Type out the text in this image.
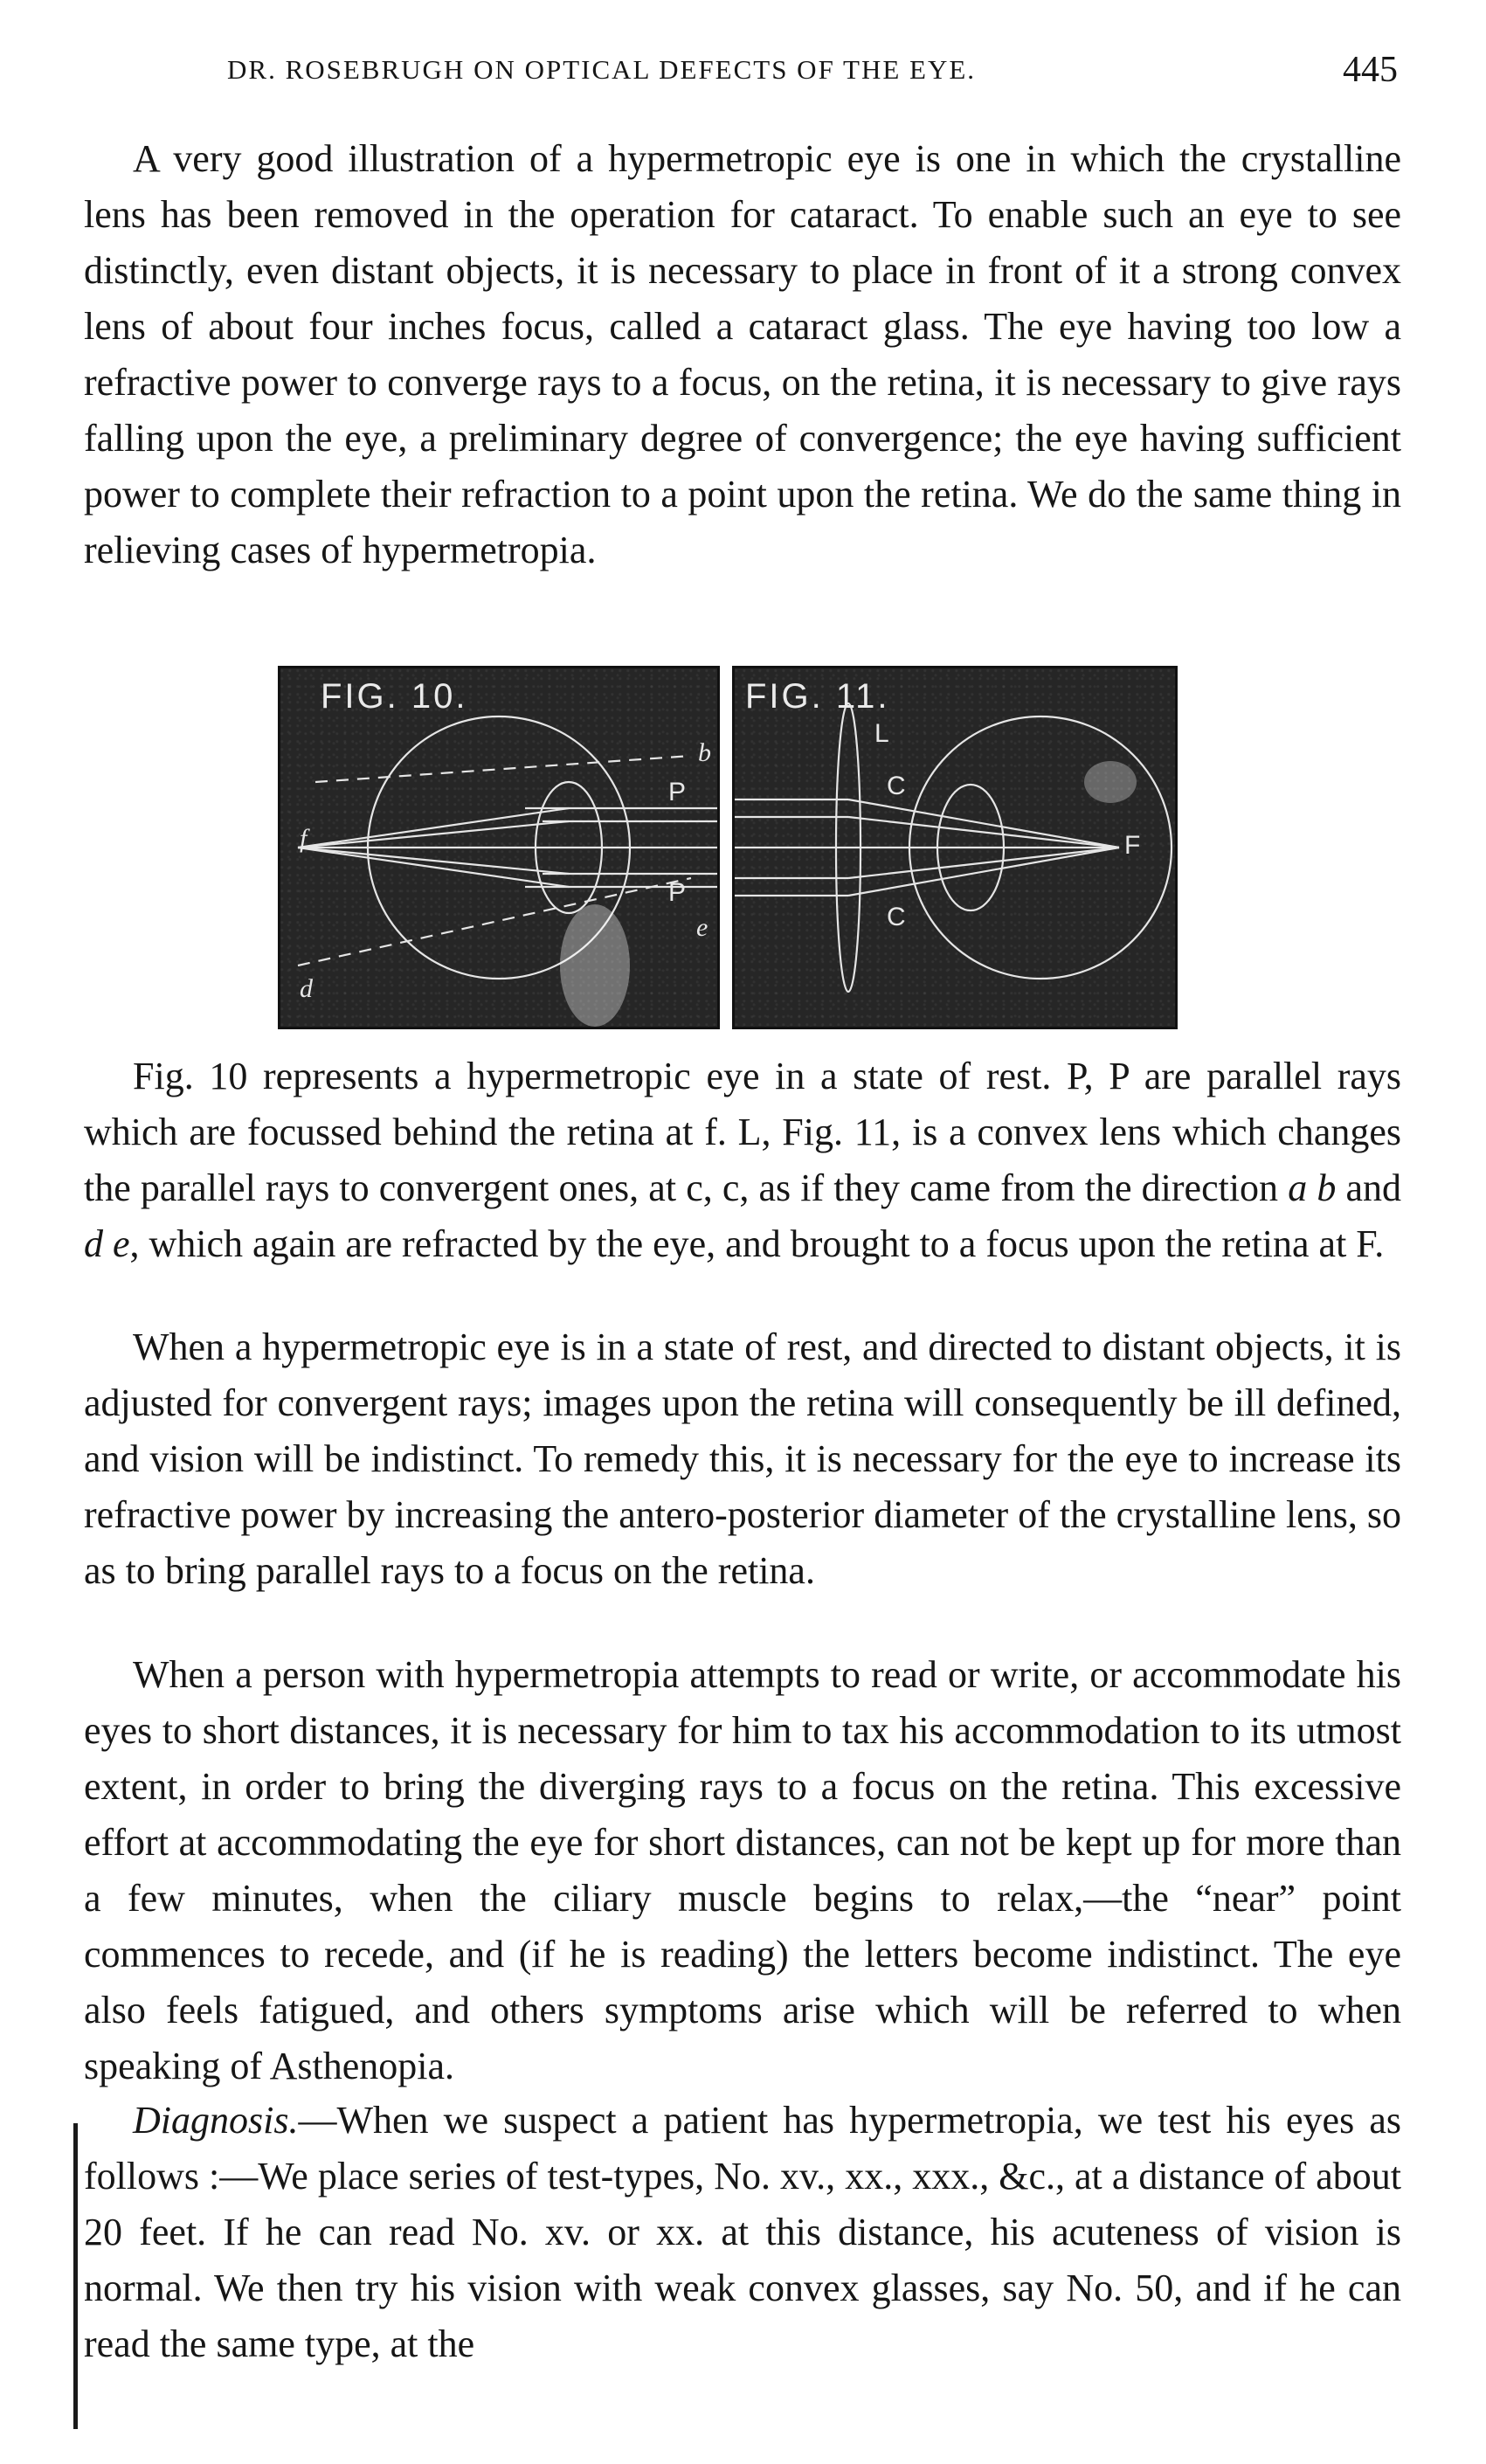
DR. ROSEBRUGH ON OPTICAL DEFECTS OF THE EYE.	445

A very good illustration of a hypermetropic eye is one in which the crystalline lens has been removed in the operation for cataract. To enable such an eye to see distinctly, even distant objects, it is necessary to place in front of it a strong convex lens of about four inches focus, called a cataract glass. The eye having too low a refractive power to converge rays to a focus, on the retina, it is necessary to give rays falling upon the eye, a preliminary degree of convergence; the eye having sufficient power to complete their refraction to a point upon the retina. We do the same thing in relieving cases of hypermetropia.

FIG. 10.
f
b
P
P
e
d
FIG. 11.
L
C
C
F

Fig. 10 represents a hypermetropic eye in a state of rest. P, P are parallel rays which are focussed behind the retina at f. L, Fig. 11, is a convex lens which changes the parallel rays to convergent ones, at c, c, as if they came from the direction a b and d e, which again are refracted by the eye, and brought to a focus upon the retina at F.

When a hypermetropic eye is in a state of rest, and directed to distant objects, it is adjusted for convergent rays; images upon the retina will consequently be ill defined, and vision will be indistinct. To remedy this, it is necessary for the eye to increase its refractive power by increasing the antero-posterior diameter of the crystalline lens, so as to bring parallel rays to a focus on the retina.

When a person with hypermetropia attempts to read or write, or accommodate his eyes to short distances, it is necessary for him to tax his accommodation to its utmost extent, in order to bring the diverging rays to a focus on the retina. This excessive effort at accommodating the eye for short distances, can not be kept up for more than a few minutes, when the ciliary muscle begins to relax,—the “near” point commences to recede, and (if he is reading) the letters become indistinct. The eye also feels fatigued, and others symptoms arise which will be referred to when speaking of Asthenopia.

Diagnosis.—When we suspect a patient has hypermetropia, we test his eyes as follows :—We place series of test-types, No. xv., xx., xxx., &c., at a distance of about 20 feet. If he can read No. xv. or xx. at this distance, his acuteness of vision is normal. We then try his vision with weak convex glasses, say No. 50, and if he can read the same type, at the
